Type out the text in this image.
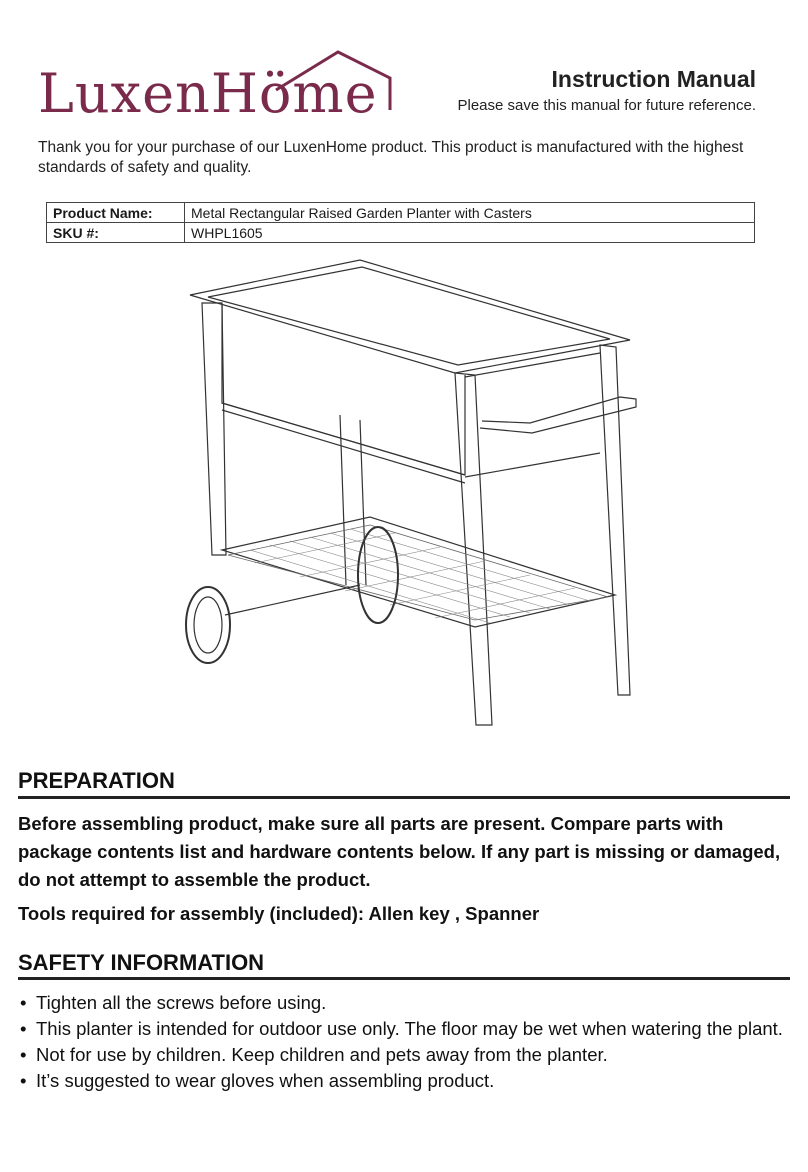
LuxenHöme	Instruction Manual
Please save this manual for future reference.
Thank you for your purchase of our LuxenHome product. This product is manufactured with the highest standards of safety and quality.
Product Name:	Metal Rectangular Raised Garden Planter with Casters
SKU #:	WHPL1605
PREPARATION
Before assembling product, make sure all parts are present. Compare parts with package contents list and hardware contents below. If any part is missing or damaged, do not attempt to assemble the product.
Tools required for assembly (included): Allen key , Spanner
SAFETY INFORMATION
• Tighten all the screws before using.
• This planter is intended for outdoor use only. The floor may be wet when watering the plant.
• Not for use by children. Keep children and pets away from the planter.
• It’s suggested to wear gloves when assembling product.
